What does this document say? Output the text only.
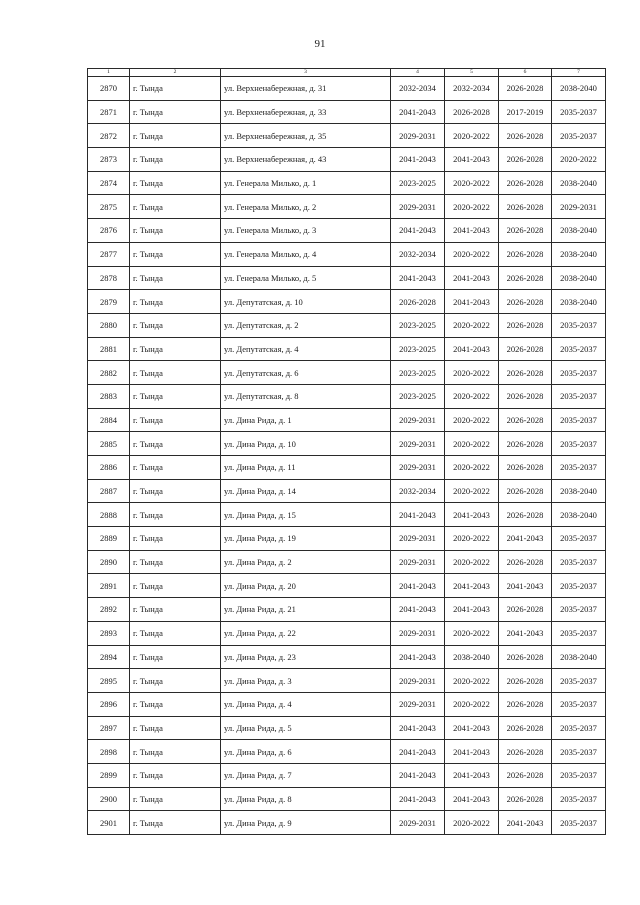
91
1	2	3	4	5	6	7
2870	г. Тында	ул. Верхненабережная, д. 31	2032-2034	2032-2034	2026-2028	2038-2040
2871	г. Тында	ул. Верхненабережная, д. 33	2041-2043	2026-2028	2017-2019	2035-2037
2872	г. Тында	ул. Верхненабережная, д. 35	2029-2031	2020-2022	2026-2028	2035-2037
2873	г. Тында	ул. Верхненабережная, д. 43	2041-2043	2041-2043	2026-2028	2020-2022
2874	г. Тында	ул. Генерала Милько, д. 1	2023-2025	2020-2022	2026-2028	2038-2040
2875	г. Тында	ул. Генерала Милько, д. 2	2029-2031	2020-2022	2026-2028	2029-2031
2876	г. Тында	ул. Генерала Милько, д. 3	2041-2043	2041-2043	2026-2028	2038-2040
2877	г. Тында	ул. Генерала Милько, д. 4	2032-2034	2020-2022	2026-2028	2038-2040
2878	г. Тында	ул. Генерала Милько, д. 5	2041-2043	2041-2043	2026-2028	2038-2040
2879	г. Тында	ул. Депутатская, д. 10	2026-2028	2041-2043	2026-2028	2038-2040
2880	г. Тында	ул. Депутатская, д. 2	2023-2025	2020-2022	2026-2028	2035-2037
2881	г. Тында	ул. Депутатская, д. 4	2023-2025	2041-2043	2026-2028	2035-2037
2882	г. Тында	ул. Депутатская, д. 6	2023-2025	2020-2022	2026-2028	2035-2037
2883	г. Тында	ул. Депутатская, д. 8	2023-2025	2020-2022	2026-2028	2035-2037
2884	г. Тында	ул. Дина Рида, д. 1	2029-2031	2020-2022	2026-2028	2035-2037
2885	г. Тында	ул. Дина Рида, д. 10	2029-2031	2020-2022	2026-2028	2035-2037
2886	г. Тында	ул. Дина Рида, д. 11	2029-2031	2020-2022	2026-2028	2035-2037
2887	г. Тында	ул. Дина Рида, д. 14	2032-2034	2020-2022	2026-2028	2038-2040
2888	г. Тында	ул. Дина Рида, д. 15	2041-2043	2041-2043	2026-2028	2038-2040
2889	г. Тында	ул. Дина Рида, д. 19	2029-2031	2020-2022	2041-2043	2035-2037
2890	г. Тында	ул. Дина Рида, д. 2	2029-2031	2020-2022	2026-2028	2035-2037
2891	г. Тында	ул. Дина Рида, д. 20	2041-2043	2041-2043	2041-2043	2035-2037
2892	г. Тында	ул. Дина Рида, д. 21	2041-2043	2041-2043	2026-2028	2035-2037
2893	г. Тында	ул. Дина Рида, д. 22	2029-2031	2020-2022	2041-2043	2035-2037
2894	г. Тында	ул. Дина Рида, д. 23	2041-2043	2038-2040	2026-2028	2038-2040
2895	г. Тында	ул. Дина Рида, д. 3	2029-2031	2020-2022	2026-2028	2035-2037
2896	г. Тында	ул. Дина Рида, д. 4	2029-2031	2020-2022	2026-2028	2035-2037
2897	г. Тында	ул. Дина Рида, д. 5	2041-2043	2041-2043	2026-2028	2035-2037
2898	г. Тында	ул. Дина Рида, д. 6	2041-2043	2041-2043	2026-2028	2035-2037
2899	г. Тында	ул. Дина Рида, д. 7	2041-2043	2041-2043	2026-2028	2035-2037
2900	г. Тында	ул. Дина Рида, д. 8	2041-2043	2041-2043	2026-2028	2035-2037
2901	г. Тында	ул. Дина Рида, д. 9	2029-2031	2020-2022	2041-2043	2035-2037
